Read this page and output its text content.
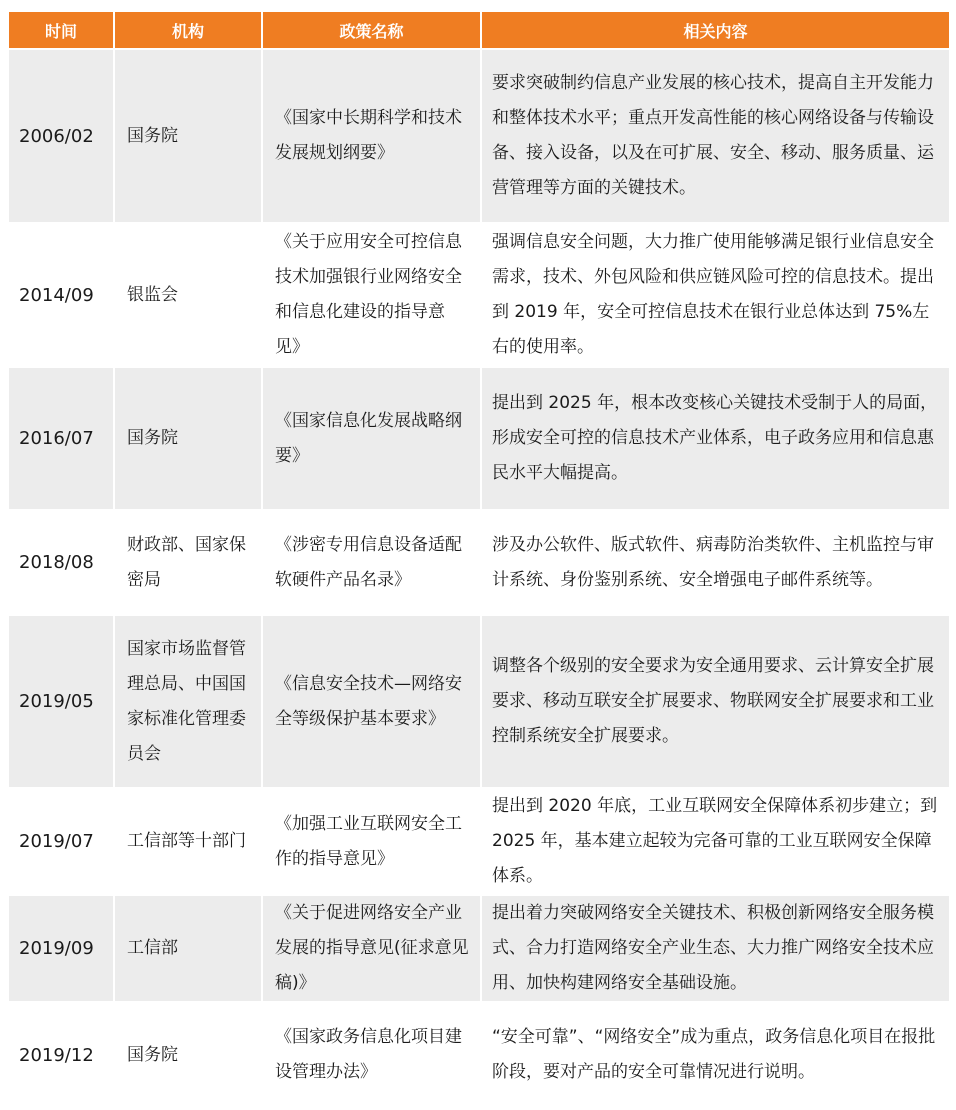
时间	机构	政策名称	相关内容
2006/02	国务院	《国家中长期科学和技术发展规划纲要》	要求突破制约信息产业发展的核心技术，提高自主开发能力和整体技术水平；重点开发高性能的核心网络设备与传输设备、接入设备，以及在可扩展、安全、移动、服务质量、运营管理等方面的关键技术。
2014/09	银监会	《关于应用安全可控信息技术加强银行业网络安全和信息化建设的指导意见》	强调信息安全问题，大力推广使用能够满足银行业信息安全需求，技术、外包风险和供应链风险可控的信息技术。提出到 2019 年，安全可控信息技术在银行业总体达到 75%左右的使用率。
2016/07	国务院	《国家信息化发展战略纲要》	提出到 2025 年，根本改变核心关键技术受制于人的局面，形成安全可控的信息技术产业体系，电子政务应用和信息惠民水平大幅提高。
2018/08	财政部、国家保密局	《涉密专用信息设备适配软硬件产品名录》	涉及办公软件、版式软件、病毒防治类软件、主机监控与审计系统、身份鉴别系统、安全增强电子邮件系统等。
2019/05	国家市场监督管理总局、中国国家标准化管理委员会	《信息安全技术—网络安全等级保护基本要求》	调整各个级别的安全要求为安全通用要求、云计算安全扩展要求、移动互联安全扩展要求、物联网安全扩展要求和工业控制系统安全扩展要求。
2019/07	工信部等十部门	《加强工业互联网安全工作的指导意见》	提出到 2020 年底，工业互联网安全保障体系初步建立；到 2025 年，基本建立起较为完备可靠的工业互联网安全保障体系。
2019/09	工信部	《关于促进网络安全产业发展的指导意见(征求意见稿)》	提出着力突破网络安全关键技术、积极创新网络安全服务模式、合力打造网络安全产业生态、大力推广网络安全技术应用、加快构建网络安全基础设施。
2019/12	国务院	《国家政务信息化项目建设管理办法》	“安全可靠”、“网络安全”成为重点，政务信息化项目在报批阶段，要对产品的安全可靠情况进行说明。
